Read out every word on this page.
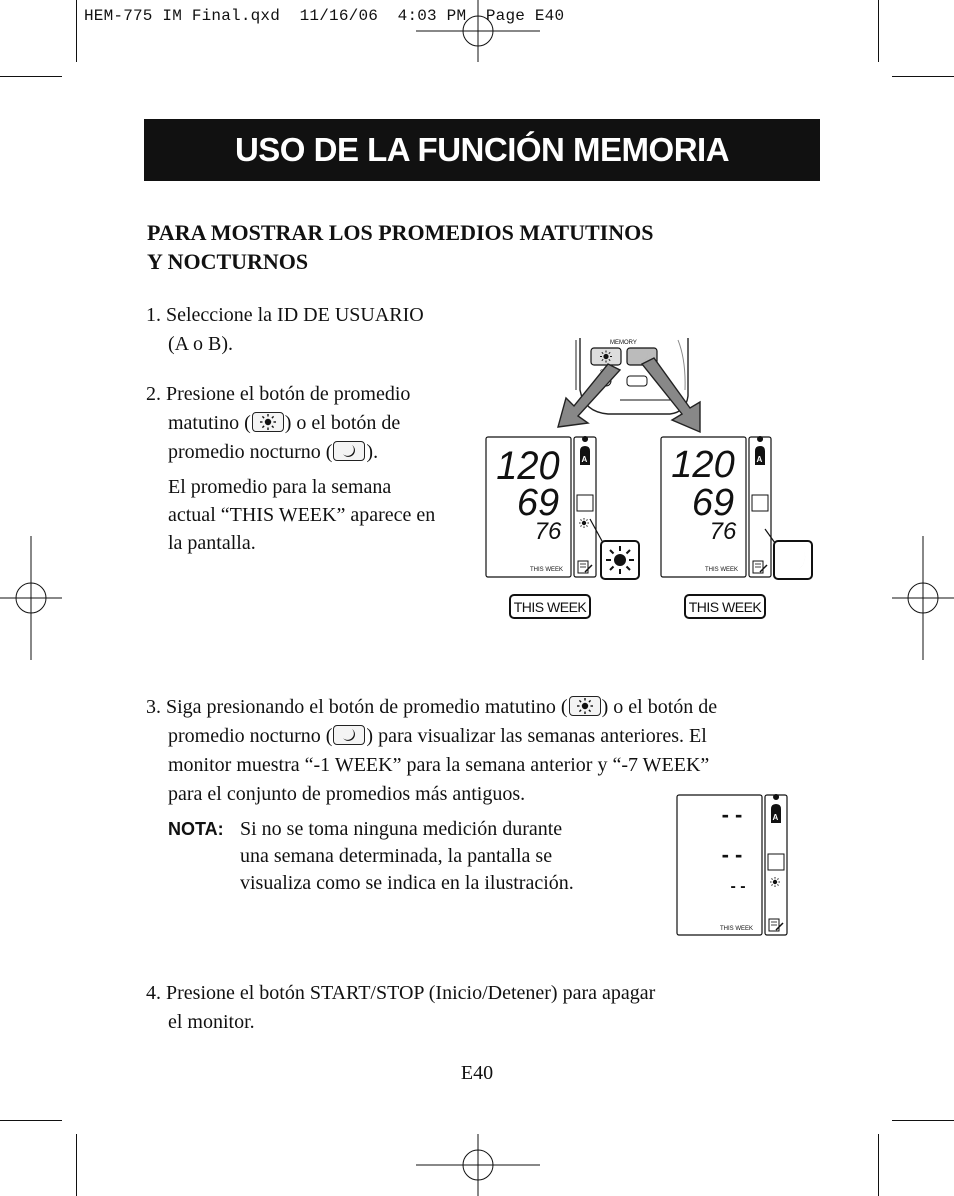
HEM-775 IM Final.qxd  11/16/06  4:03 PM  Page E40
USO DE LA FUNCIÓN MEMORIA
PARA MOSTRAR LOS PROMEDIOS MATUTINOS
Y NOCTURNOS
1. Seleccione la ID DE USUARIO
(A o B).
2. Presione el botón de promedio
matutino ( ) o el botón de
promedio nocturno ( ).
El promedio para la semana
actual “THIS WEEK” aparece en
la pantalla.
MEMORY
120
69
76
THIS WEEK
A
THIS WEEK
120
69
76
THIS WEEK
A
THIS WEEK
3. Siga presionando el botón de promedio matutino ( ) o el botón de
promedio nocturno ( ) para visualizar las semanas anteriores. El
monitor muestra “-1 WEEK” para la semana anterior y “-7 WEEK”
para el conjunto de promedios más antiguos.
NOTA: Si no se toma ninguna medición durante
una semana determinada, la pantalla se
visualiza como se indica en la ilustración.
- -
- -
- -
THIS WEEK
A
4. Presione el botón START/STOP (Inicio/Detener) para apagar
el monitor.
E40
